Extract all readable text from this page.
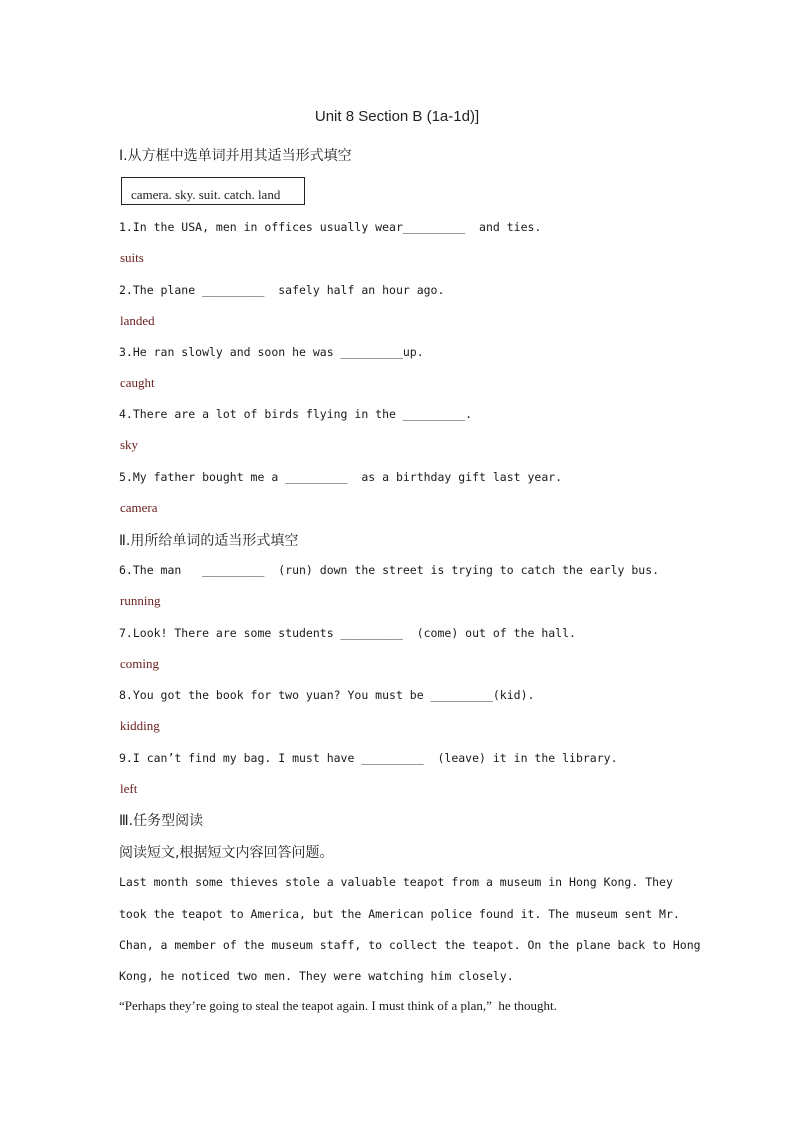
Unit 8 Section B (1a-1d)]
Ⅰ.从方框中选单词并用其适当形式填空
camera. sky. suit. catch. land
1.In the USA, men in offices usually wear_________  and ties.
suits
2.The plane _________  safely half an hour ago.
landed
3.He ran slowly and soon he was _________up.
caught
4.There are a lot of birds flying in the _________.
sky
5.My father bought me a _________  as a birthday gift last year.
camera
Ⅱ.用所给单词的适当形式填空
6.The man   _________  (run) down the street is trying to catch the early bus.
running
7.Look! There are some students _________  (come) out of the hall.
coming
8.You got the book for two yuan? You must be _________(kid).
kidding
9.I can’t find my bag. I must have _________  (leave) it in the library.
left
Ⅲ.任务型阅读
阅读短文,根据短文内容回答问题。
Last month some thieves stole a valuable teapot from a museum in Hong Kong. They
took the teapot to America, but the American police found it. The museum sent Mr.
Chan, a member of the museum staff, to collect the teapot. On the plane back to Hong
Kong, he noticed two men. They were watching him closely.
“Perhaps they’re going to steal the teapot again. I must think of a plan,”  he thought.
